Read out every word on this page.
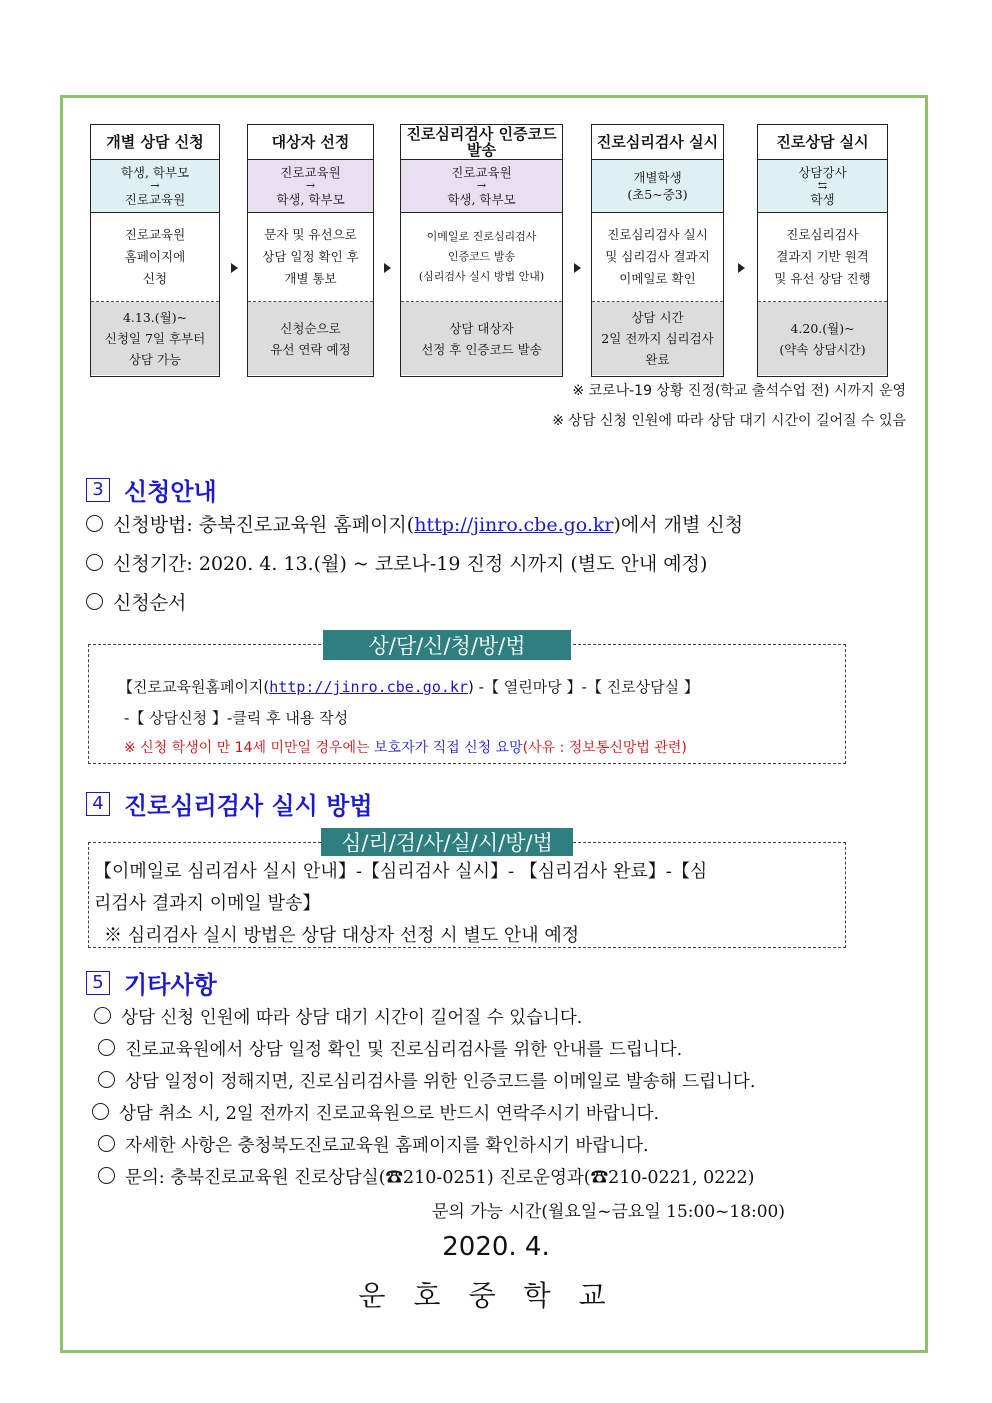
개별 상담 신청
학생, 학부모
→
진로교육원
진로교육원
홈페이지에
신청
4.13.(월)~
신청일 7일 후부터
상담 가능
대상자 선정
진로교육원
→
학생, 학부모
문자 및 유선으로
상담 일정 확인 후
개별 통보
신청순으로
유선 연락 예정
진로심리검사 인증코드 발송
진로교육원
→
학생, 학부모
이메일로 진로심리검사
인증코드 발송
(심리검사 실시 방법 안내)
상담 대상자
선정 후 인증코드 발송
진로심리검사 실시
개별학생
(초5~중3)
진로심리검사 실시
및 심리검사 결과지
이메일로 확인
상담 시간
2일 전까지 심리검사
완료
진로상담 실시
상담강사
⇆
학생
진로심리검사
결과지 기반 원격
및 유선 상담 진행
4.20.(월)~
(약속 상담시간)
※ 코로나-19 상황 진정(학교 출석수업 전) 시까지 운영
※ 상담 신청 인원에 따라 상담 대기 시간이 길어질 수 있음
3 신청안내
신청방법: 충북진로교육원 홈페이지(http://jinro.cbe.go.kr)에서 개별 신청
신청기간: 2020. 4. 13.(월) ~ 코로나-19 진정 시까지 (별도 안내 예정)
신청순서
상/담/신/청/방/법
【진로교육원홈페이지(http://jinro.cbe.go.kr) -【 열린마당 】-【 진로상담실 】
-【 상담신청 】-클릭 후 내용 작성
※ 신청 학생이 만 14세 미만일 경우에는 보호자가 직접 신청 요망(사유 : 정보통신망법 관련)
4 진로심리검사 실시 방법
심/리/검/사/실/시/방/법
【이메일로 심리검사 실시 안내】-【심리검사 실시】- 【심리검사 완료】-【심
리검사 결과지 이메일 발송】
※ 심리검사 실시 방법은 상담 대상자 선정 시 별도 안내 예정
5 기타사항
상담 신청 인원에 따라 상담 대기 시간이 길어질 수 있습니다.
진로교육원에서 상담 일정 확인 및 진로심리검사를 위한 안내를 드립니다.
상담 일정이 정해지면, 진로심리검사를 위한 인증코드를 이메일로 발송해 드립니다.
상담 취소 시, 2일 전까지 진로교육원으로 반드시 연락주시기 바랍니다.
자세한 사항은 충청북도진로교육원 홈페이지를 확인하시기 바랍니다.
문의: 충북진로교육원 진로상담실(☎210-0251) 진로운영과(☎210-0221, 0222)
문의 가능 시간(월요일~금요일 15:00~18:00)
2020. 4.
운호중학교
